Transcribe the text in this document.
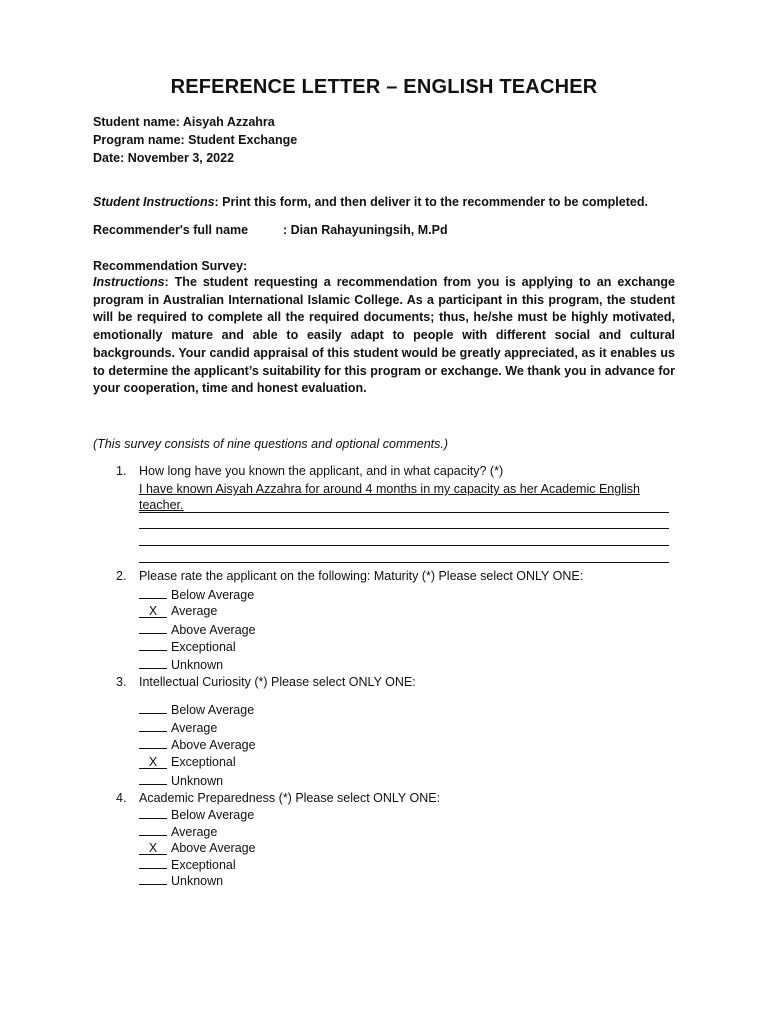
REFERENCE LETTER – ENGLISH TEACHER

Student name: Aisyah Azzahra

Program name: Student Exchange

Date: November 3, 2022

Student Instructions: Print this form, and then deliver it to the recommender to be completed.

Recommender's full name	: Dian Rahayuningsih, M.Pd

Recommendation Survey:

Instructions: The student requesting a recommendation from you is applying to an exchange program in Australian International Islamic College. As a participant in this program, the student will be required to complete all the required documents; thus, he/she must be highly motivated, emotionally mature and able to easily adapt to people with different social and cultural backgrounds. Your candid appraisal of this student would be greatly appreciated, as it enables us to determine the applicant’s suitability for this program or exchange. We thank you in advance for your cooperation, time and honest evaluation.

(This survey consists of nine questions and optional comments.)

1. How long have you known the applicant, and in what capacity? (*)
I have known Aisyah Azzahra for around 4 months in my capacity as her Academic English teacher.
2. Please rate the applicant on the following: Maturity (*) Please select ONLY ONE:
Below Average
X Average
Above Average
Exceptional
Unknown
3. Intellectual Curiosity (*) Please select ONLY ONE:
Below Average
Average
Above Average
X Exceptional
Unknown
4. Academic Preparedness (*) Please select ONLY ONE:
Below Average
Average
X Above Average
Exceptional
Unknown
